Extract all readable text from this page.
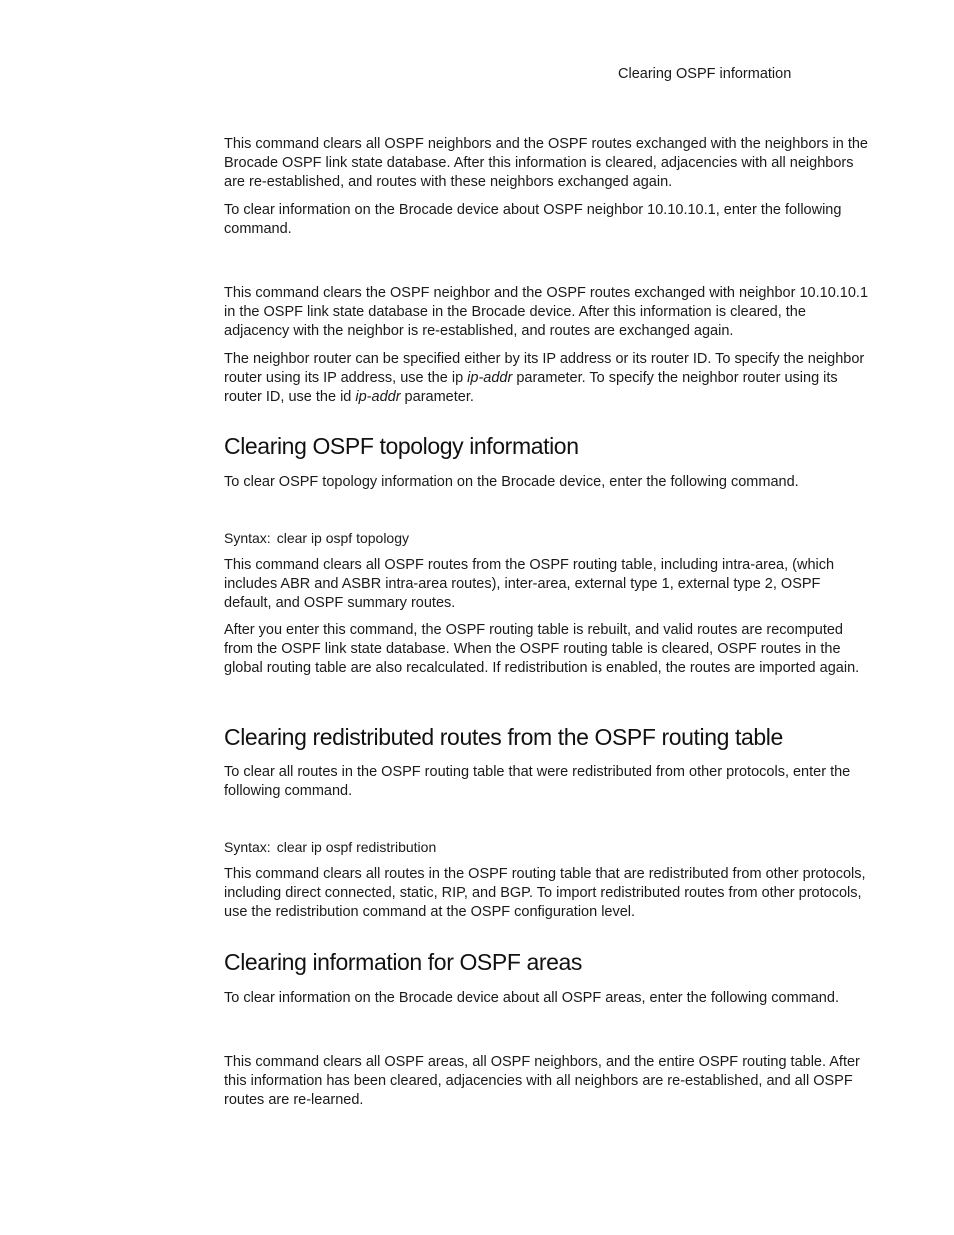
Clearing OSPF information

This command clears all OSPF neighbors and the OSPF routes exchanged with the neighbors in the Brocade OSPF link state database. After this information is cleared, adjacencies with all neighbors are re-established, and routes with these neighbors exchanged again.

To clear information on the Brocade device about OSPF neighbor 10.10.10.1, enter the following command.

This command clears the OSPF neighbor and the OSPF routes exchanged with neighbor 10.10.10.1 in the OSPF link state database in the Brocade device. After this information is cleared, the adjacency with the neighbor is re-established, and routes are exchanged again.

The neighbor router can be specified either by its IP address or its router ID. To specify the neighbor router using its IP address, use the ip ip-addr parameter. To specify the neighbor router using its router ID, use the id ip-addr parameter.

Clearing OSPF topology information

To clear OSPF topology information on the Brocade device, enter the following command.

Syntax: clear ip ospf topology

This command clears all OSPF routes from the OSPF routing table, including intra-area, (which includes ABR and ASBR intra-area routes), inter-area, external type 1, external type 2, OSPF default, and OSPF summary routes.

After you enter this command, the OSPF routing table is rebuilt, and valid routes are recomputed from the OSPF link state database. When the OSPF routing table is cleared, OSPF routes in the global routing table are also recalculated. If redistribution is enabled, the routes are imported again.

Clearing redistributed routes from the OSPF routing table

To clear all routes in the OSPF routing table that were redistributed from other protocols, enter the following command.

Syntax: clear ip ospf redistribution

This command clears all routes in the OSPF routing table that are redistributed from other protocols, including direct connected, static, RIP, and BGP. To import redistributed routes from other protocols, use the redistribution command at the OSPF configuration level.

Clearing information for OSPF areas

To clear information on the Brocade device about all OSPF areas, enter the following command.

This command clears all OSPF areas, all OSPF neighbors, and the entire OSPF routing table. After this information has been cleared, adjacencies with all neighbors are re-established, and all OSPF routes are re-learned.
